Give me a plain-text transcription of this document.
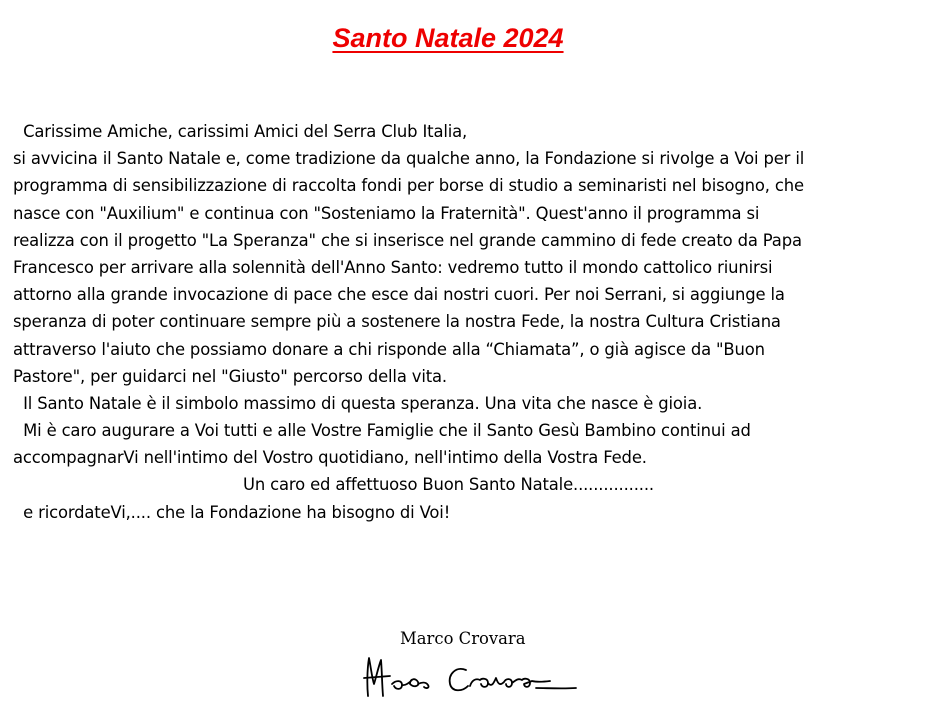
Santo Natale 2024
Carissime Amiche, carissimi Amici del Serra Club Italia,
si avvicina il Santo Natale e, come tradizione da qualche anno, la Fondazione si rivolge a Voi per il
programma di sensibilizzazione di raccolta fondi per borse di studio a seminaristi nel bisogno, che
nasce con "Auxilium" e continua con "Sosteniamo la Fraternità". Quest'anno il programma si
realizza con il progetto "La Speranza" che si inserisce nel grande cammino di fede creato da Papa
Francesco per arrivare alla solennità dell'Anno Santo: vedremo tutto il mondo cattolico riunirsi
attorno alla grande invocazione di pace che esce dai nostri cuori. Per noi Serrani, si aggiunge la
speranza di poter continuare sempre più a sostenere la nostra Fede, la nostra Cultura Cristiana
attraverso l'aiuto che possiamo donare a chi risponde alla “Chiamata”, o già agisce da "Buon
Pastore", per guidarci nel "Giusto" percorso della vita.
Il Santo Natale è il simbolo massimo di questa speranza. Una vita che nasce è gioia.
Mi è caro augurare a Voi tutti e alle Vostre Famiglie che il Santo Gesù Bambino continui ad
accompagnarVi nell'intimo del Vostro quotidiano, nell'intimo della Vostra Fede.
Un caro ed affettuoso Buon Santo Natale................
e ricordateVi,.... che la Fondazione ha bisogno di Voi!
Marco Crovara
